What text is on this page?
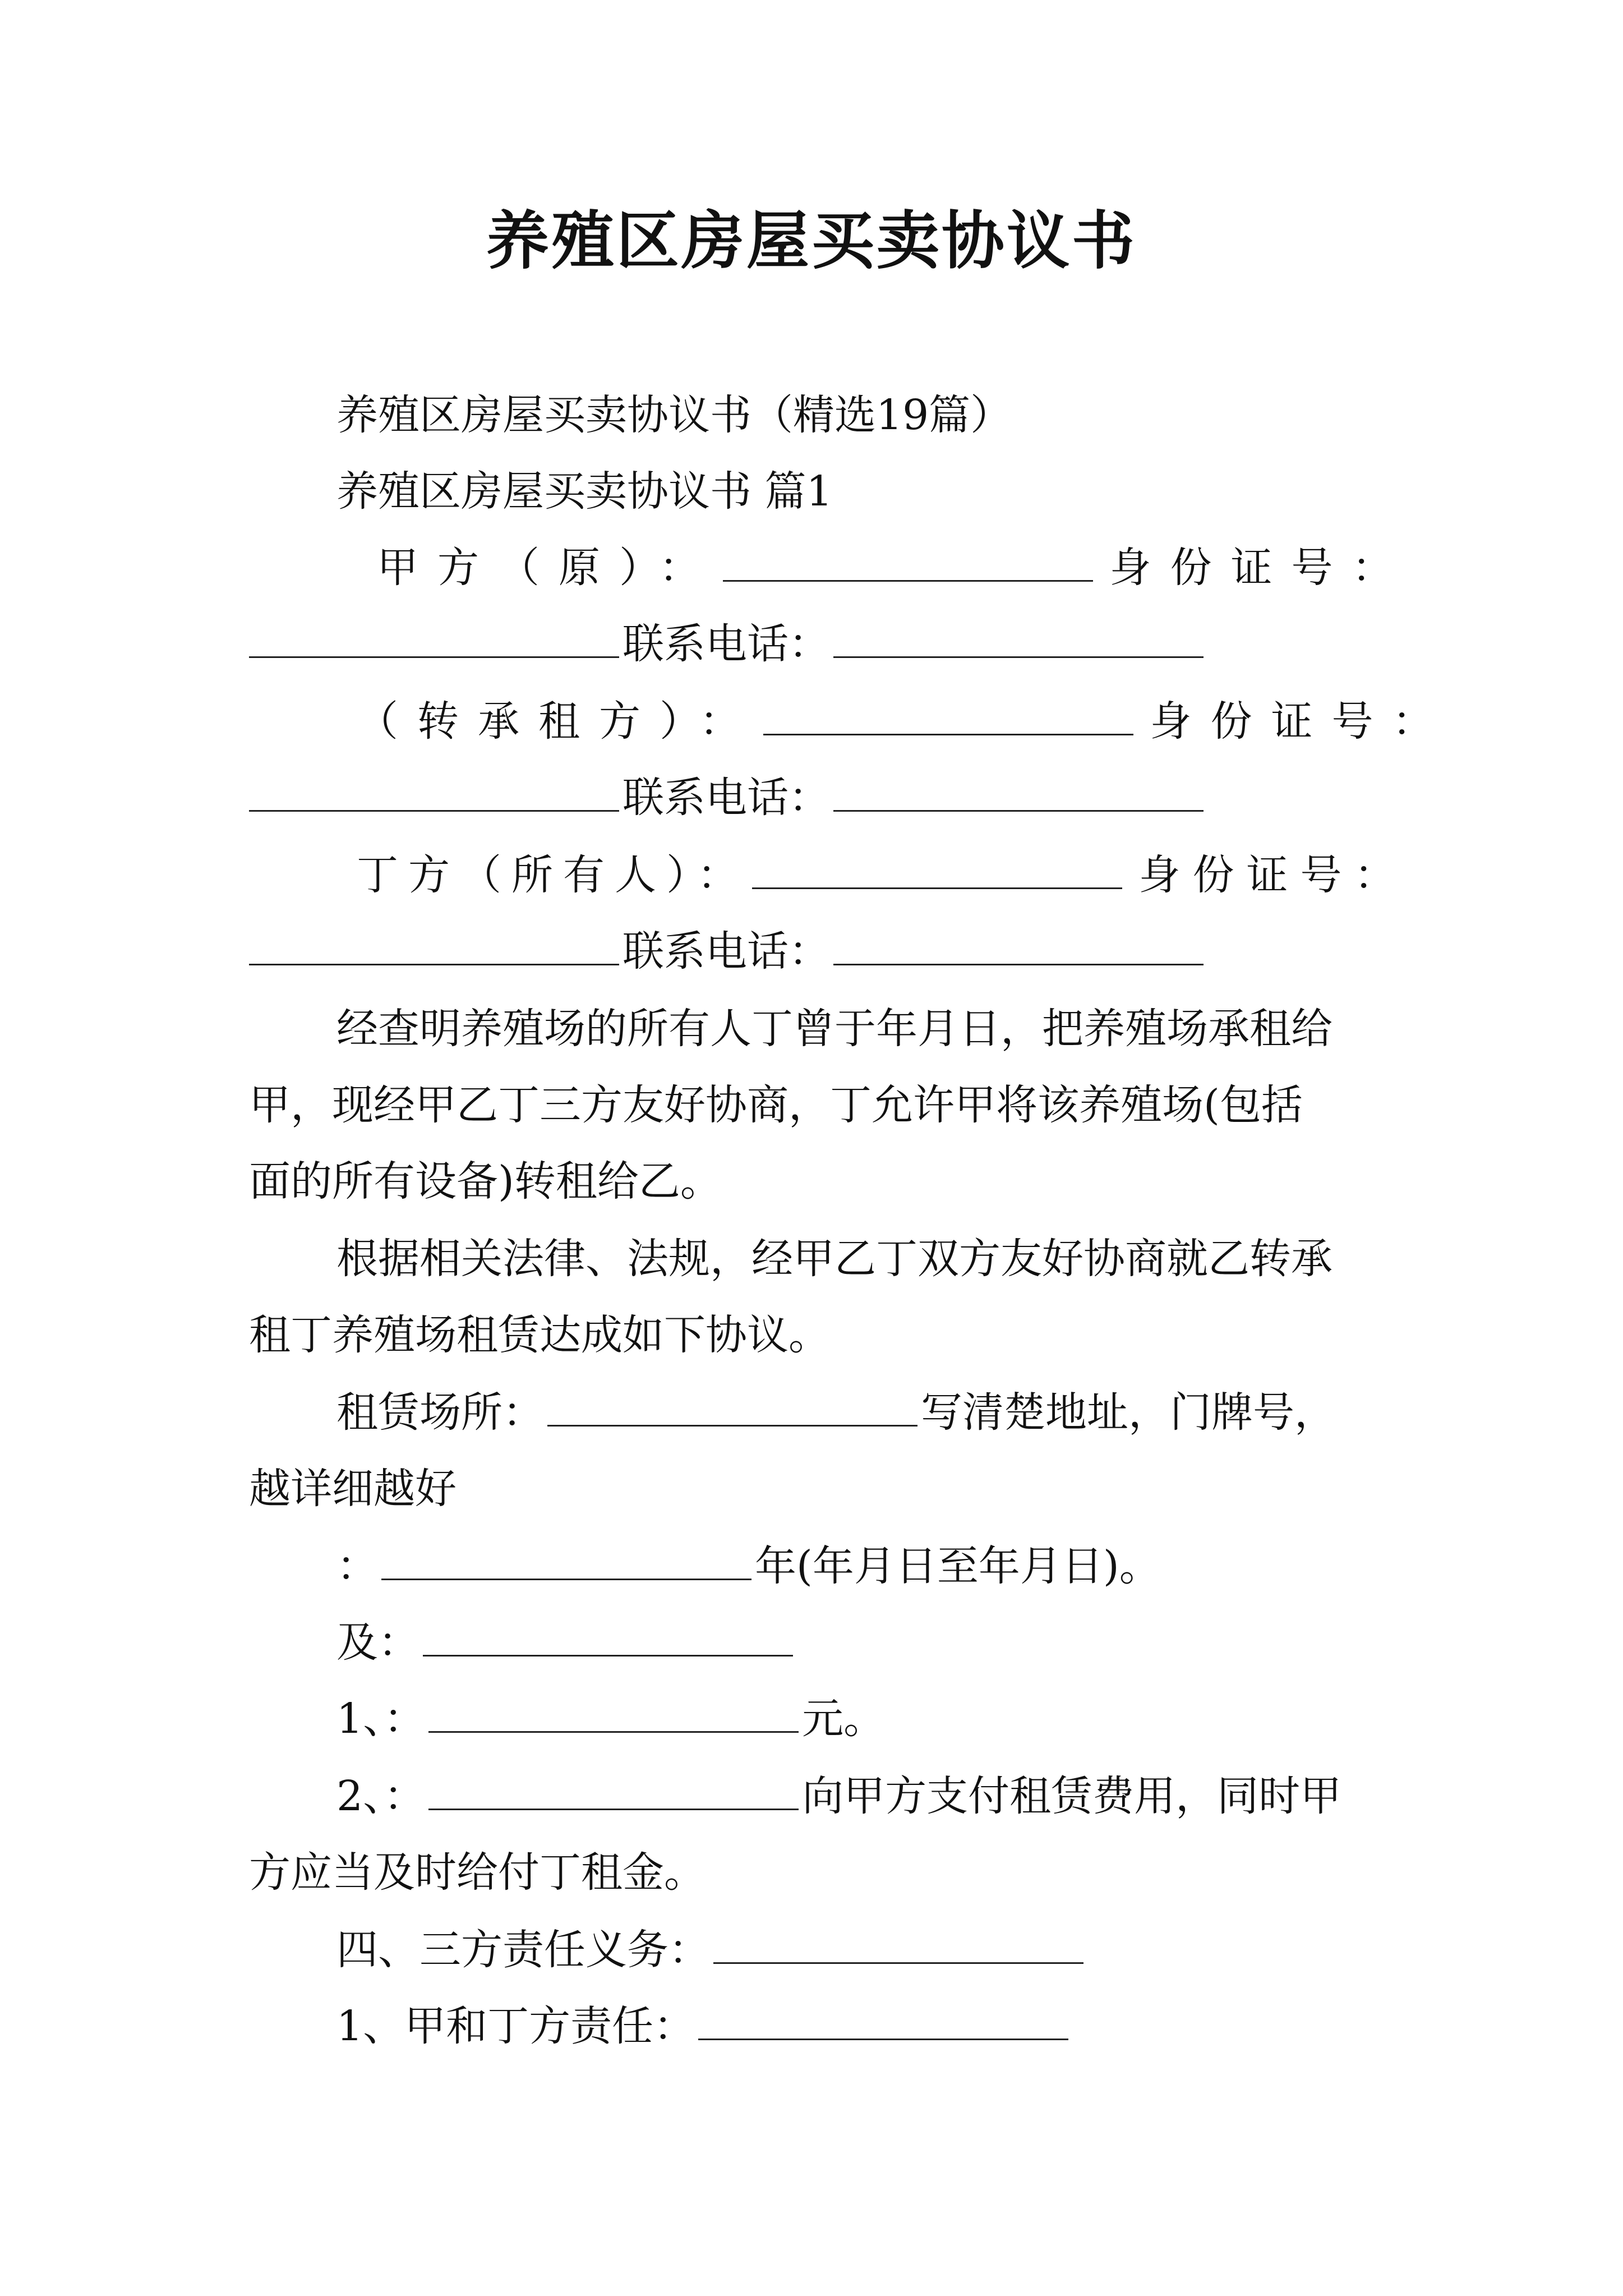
养殖区房屋买卖协议书
养殖区房屋买卖协议书（精选19篇）
养殖区房屋买卖协议书 篇1
甲方（原）：	身份证号：
联系电话：
（转承租方）：	身份证号：
联系电话：
丁方（所有人）：	身份证号：
联系电话：
经查明养殖场的所有人丁曾于年月日，把养殖场承租给
甲，现经甲乙丁三方友好协商，丁允许甲将该养殖场(包括
面的所有设备)转租给乙。
根据相关法律、法规，经甲乙丁双方友好协商就乙转承
租丁养殖场租赁达成如下协议。
租赁场所：	写清楚地址，门牌号，
越详细越好
：	年(年月日至年月日)。
及：
1、：	元。
2、：	向甲方支付租赁费用，同时甲
方应当及时给付丁租金。
四、三方责任义务：
1、甲和丁方责任：
